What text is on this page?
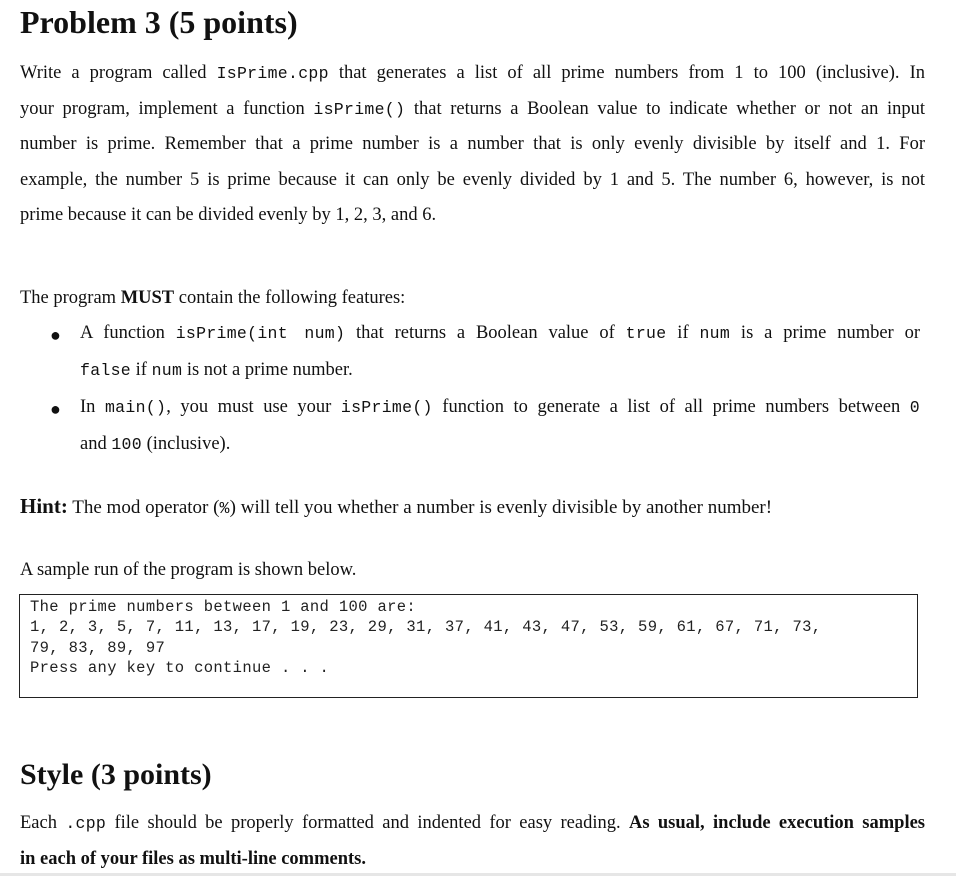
Problem 3 (5 points)
Write a program called IsPrime.cpp that generates a list of all prime numbers from 1 to 100 (inclusive). In
your program, implement a function isPrime() that returns a Boolean value to indicate whether or not an input
number is prime. Remember that a prime number is a number that is only evenly divisible by itself and 1. For
example, the number 5 is prime because it can only be evenly divided by 1 and 5. The number 6, however, is not
prime because it can be divided evenly by 1, 2, 3, and 6.
The program MUST contain the following features:
● A function isPrime(int num) that returns a Boolean value of true if num is a prime number or
false if num is not a prime number.
● In main(), you must use your isPrime() function to generate a list of all prime numbers between 0
and 100 (inclusive).
Hint: The mod operator (%) will tell you whether a number is evenly divisible by another number!
A sample run of the program is shown below.
The prime numbers between 1 and 100 are:
1, 2, 3, 5, 7, 11, 13, 17, 19, 23, 29, 31, 37, 41, 43, 47, 53, 59, 61, 67, 71, 73,
79, 83, 89, 97
Press any key to continue . . .
Style (3 points)
Each .cpp file should be properly formatted and indented for easy reading. As usual, include execution samples
in each of your files as multi-line comments.
